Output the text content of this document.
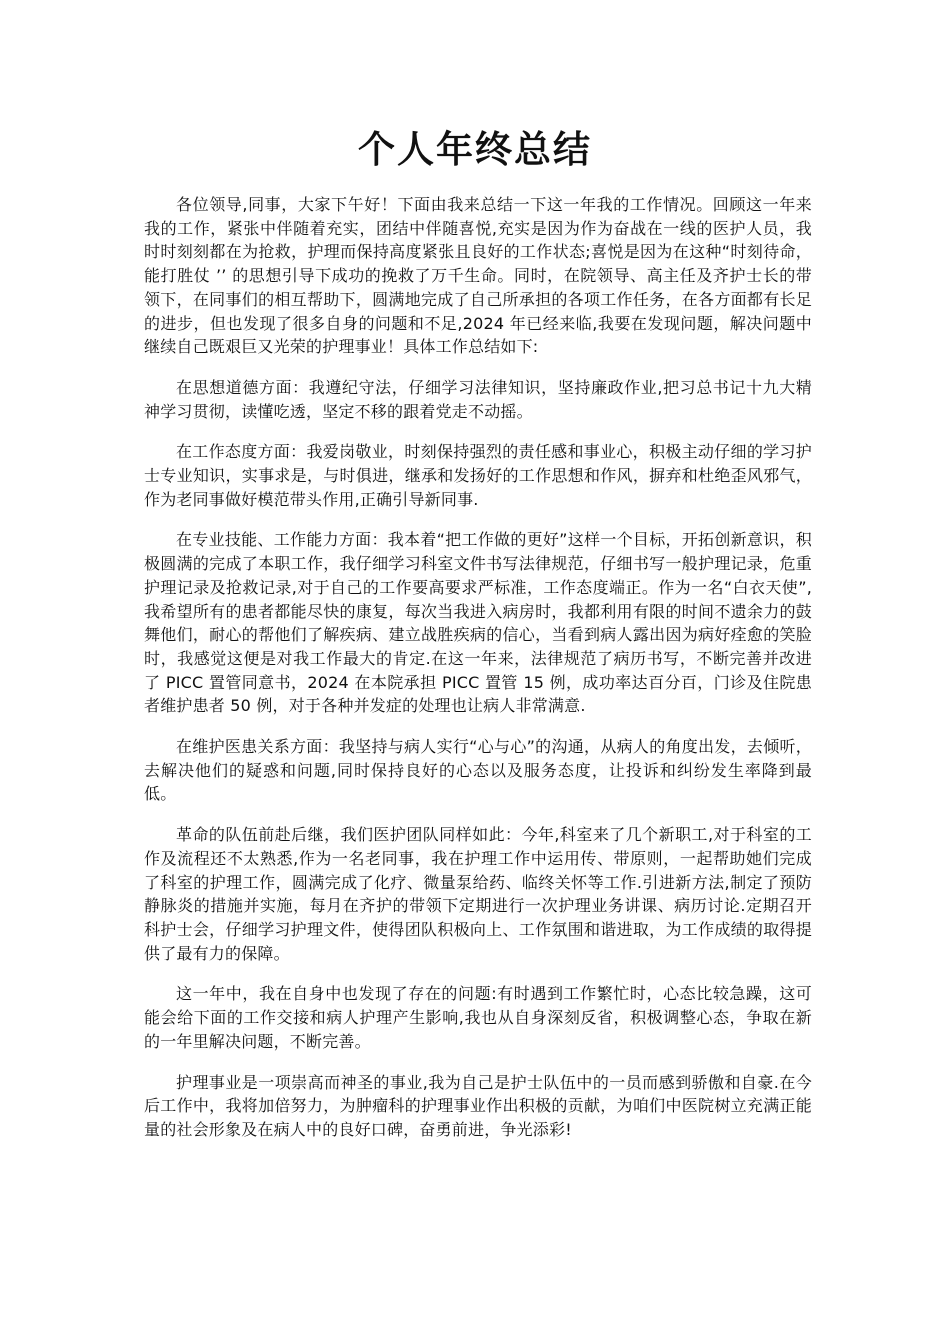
个人年终总结

各位领导,同事，大家下午好！下面由我来总结一下这一年我的工作情况。回顾这一年来我的工作，紧张中伴随着充实，团结中伴随喜悦,充实是因为作为奋战在一线的医护人员，我时时刻刻都在为抢救，护理而保持高度紧张且良好的工作状态;喜悦是因为在这种“时刻待命，能打胜仗 ’’ 的思想引导下成功的挽救了万千生命。同时，在院领导、高主任及齐护士长的带领下，在同事们的相互帮助下，圆满地完成了自己所承担的各项工作任务，在各方面都有长足的进步，但也发现了很多自身的问题和不足,2024 年已经来临,我要在发现问题，解决问题中继续自己既艰巨又光荣的护理事业！具体工作总结如下:

在思想道德方面：我遵纪守法，仔细学习法律知识，坚持廉政作业,把习总书记十九大精神学习贯彻，读懂吃透，坚定不移的跟着党走不动摇。

在工作态度方面：我爱岗敬业，时刻保持强烈的责任感和事业心，积极主动仔细的学习护士专业知识，实事求是，与时俱进，继承和发扬好的工作思想和作风，摒弃和杜绝歪风邪气，作为老同事做好模范带头作用,正确引导新同事.

在专业技能、工作能力方面：我本着“把工作做的更好”这样一个目标，开拓创新意识，积极圆满的完成了本职工作，我仔细学习科室文件书写法律规范，仔细书写一般护理记录，危重护理记录及抢救记录,对于自己的工作要高要求严标准，工作态度端正。作为一名“白衣天使”,我希望所有的患者都能尽快的康复，每次当我进入病房时，我都利用有限的时间不遗余力的鼓舞他们，耐心的帮他们了解疾病、建立战胜疾病的信心，当看到病人露出因为病好痊愈的笑脸时，我感觉这便是对我工作最大的肯定.在这一年来，法律规范了病历书写，不断完善并改进了 PICC 置管同意书，2024 在本院承担 PICC 置管 15 例，成功率达百分百，门诊及住院患者维护患者 50 例，对于各种并发症的处理也让病人非常满意.

在维护医患关系方面：我坚持与病人实行“心与心”的沟通，从病人的角度出发，去倾听，去解决他们的疑惑和问题,同时保持良好的心态以及服务态度，让投诉和纠纷发生率降到最低。

革命的队伍前赴后继，我们医护团队同样如此：今年,科室来了几个新职工,对于科室的工作及流程还不太熟悉,作为一名老同事，我在护理工作中运用传、带原则，一起帮助她们完成了科室的护理工作，圆满完成了化疗、微量泵给药、临终关怀等工作.引进新方法,制定了预防静脉炎的措施并实施，每月在齐护的带领下定期进行一次护理业务讲课、病历讨论.定期召开科护士会，仔细学习护理文件，使得团队积极向上、工作氛围和谐进取，为工作成绩的取得提供了最有力的保障。

这一年中，我在自身中也发现了存在的问题:有时遇到工作繁忙时，心态比较急躁，这可能会给下面的工作交接和病人护理产生影响,我也从自身深刻反省，积极调整心态，争取在新的一年里解决问题，不断完善。

护理事业是一项崇高而神圣的事业,我为自己是护士队伍中的一员而感到骄傲和自豪.在今后工作中，我将加倍努力，为肿瘤科的护理事业作出积极的贡献，为咱们中医院树立充满正能量的社会形象及在病人中的良好口碑，奋勇前进，争光添彩!
